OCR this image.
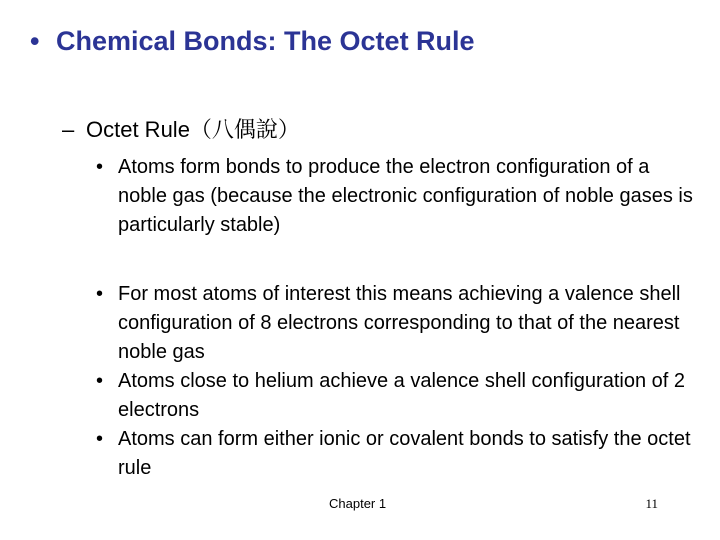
• Chemical Bonds: The Octet Rule
– Octet Rule（八偶說）
• Atoms form bonds to produce the electron configuration of a noble gas (because the electronic configuration of noble gases is particularly stable)
• For most atoms of interest this means achieving a valence shell configuration of 8 electrons corresponding to that of the nearest noble gas
• Atoms close to helium achieve a valence shell configuration of 2 electrons
• Atoms can form either ionic or covalent bonds to satisfy the octet rule
Chapter 1	11
